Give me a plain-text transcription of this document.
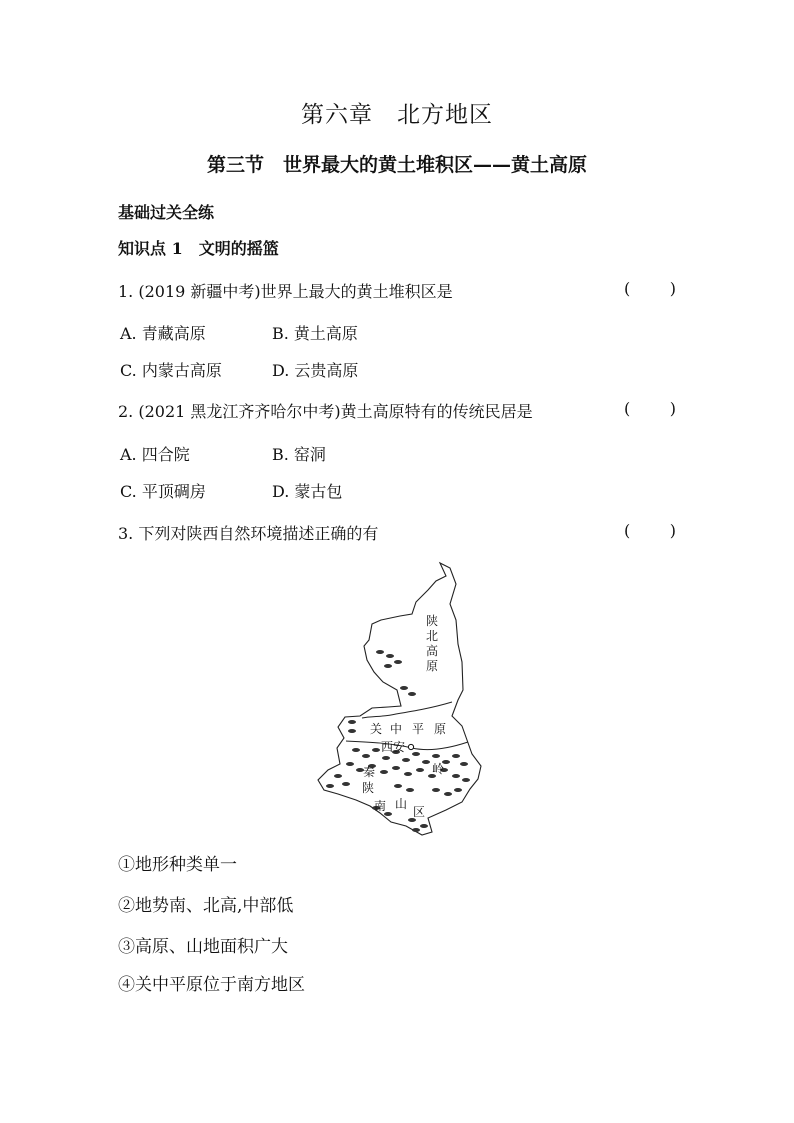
第六章　北方地区
第三节　世界最大的黄土堆积区——黄土高原
基础过关全练
知识点 1　文明的摇篮
1. (2019 新疆中考)世界上最大的黄土堆积区是	( )
A. 青藏高原	B. 黄土高原
C. 内蒙古高原	D. 云贵高原
2. (2021 黑龙江齐齐哈尔中考)黄土高原特有的传统民居是	( )
A. 四合院	B. 窑洞
C. 平顶碉房	D. 蒙古包
3. 下列对陕西自然环境描述正确的有	( )
陕
北
高
原
关 中 平 原
西安
秦	岭
陕
南 山
区
①地形种类单一
②地势南、北高,中部低
③高原、山地面积广大
④关中平原位于南方地区
